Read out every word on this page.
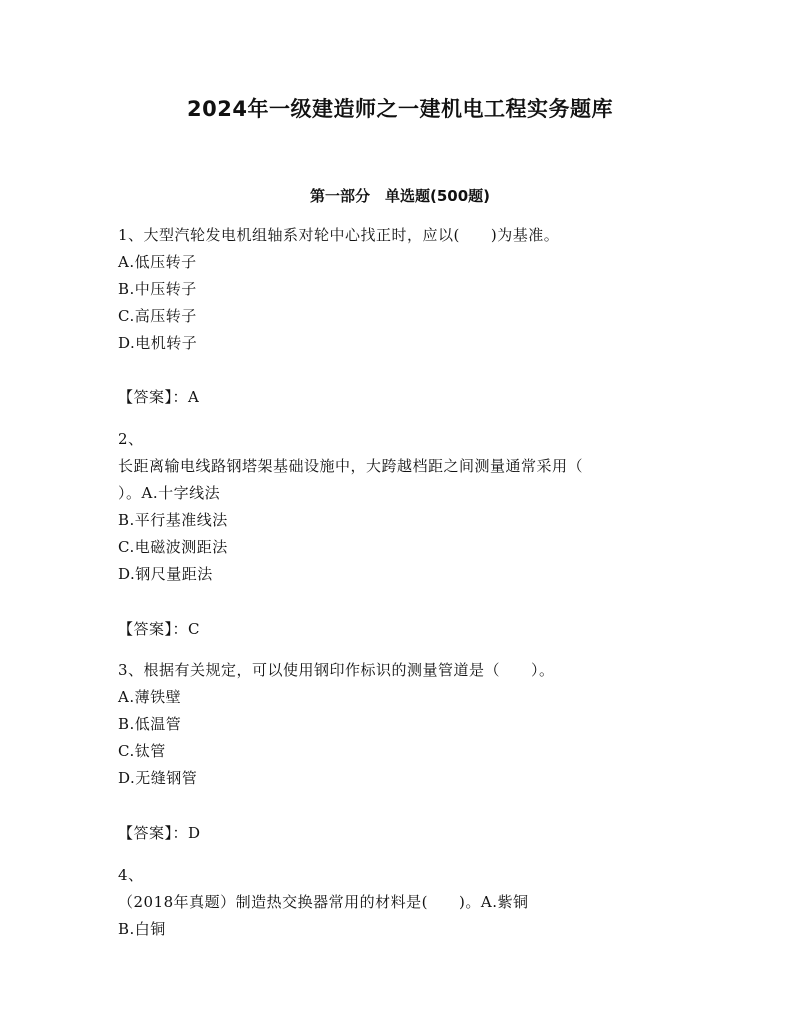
2024年一级建造师之一建机电工程实务题库
第一部分　单选题(500题)
1、大型汽轮发电机组轴系对轮中心找正时，应以(　　)为基准。
A.低压转子
B.中压转子
C.高压转子
D.电机转子
【答案】：A
2、
长距离输电线路钢塔架基础设施中，大跨越档距之间测量通常采用（
）。A.十字线法
B.平行基准线法
C.电磁波测距法
D.钢尺量距法
【答案】：C
3、根据有关规定，可以使用钢印作标识的测量管道是（　　）。
A.薄铁壁
B.低温管
C.钛管
D.无缝钢管
【答案】：D
4、
（2018年真题）制造热交换器常用的材料是(　　)。A.紫铜
B.白铜
